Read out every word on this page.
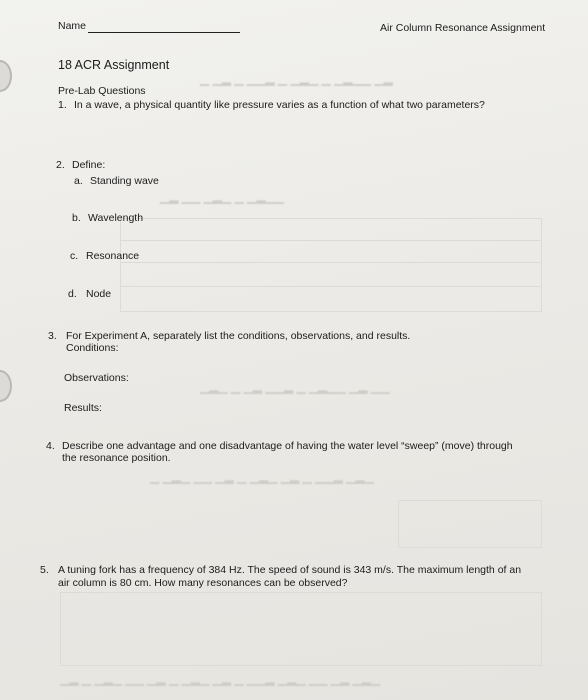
▁ ▁▂ ▁ ▁▁▂ ▁ ▁▂▁ ▁ ▁▂▁▁ ▁▂
▁▂ ▁▁ ▁▂▁ ▁ ▁▂▁▁
▁▂▁ ▁ ▁▂ ▁▁▂ ▁ ▁▂▁▁ ▁▂ ▁▁
▁ ▁▂▁ ▁▁ ▁▂ ▁ ▁▂▁ ▁▂ ▁ ▁▁▂ ▁▂▁
▁▂ ▁ ▁▂▁ ▁▁ ▁▂ ▁ ▁▂▁ ▁▂ ▁ ▁▁▂ ▁▂▁ ▁▁ ▁▂ ▁▂▁
Name	Air Column Resonance Assignment
18 ACR Assignment
Pre-Lab Questions
1. In a wave, a physical quantity like pressure varies as a function of what two parameters?
2. Define:
a. Standing wave
b. Wavelength
c. Resonance
d. Node
3. For Experiment A, separately list the conditions, observations, and results.
Conditions:
Observations:
Results:
4. Describe one advantage and one disadvantage of having the water level “sweep” (move) through
the resonance position.
5. A tuning fork has a frequency of 384 Hz. The speed of sound is 343 m/s. The maximum length of an
air column is 80 cm. How many resonances can be observed?
